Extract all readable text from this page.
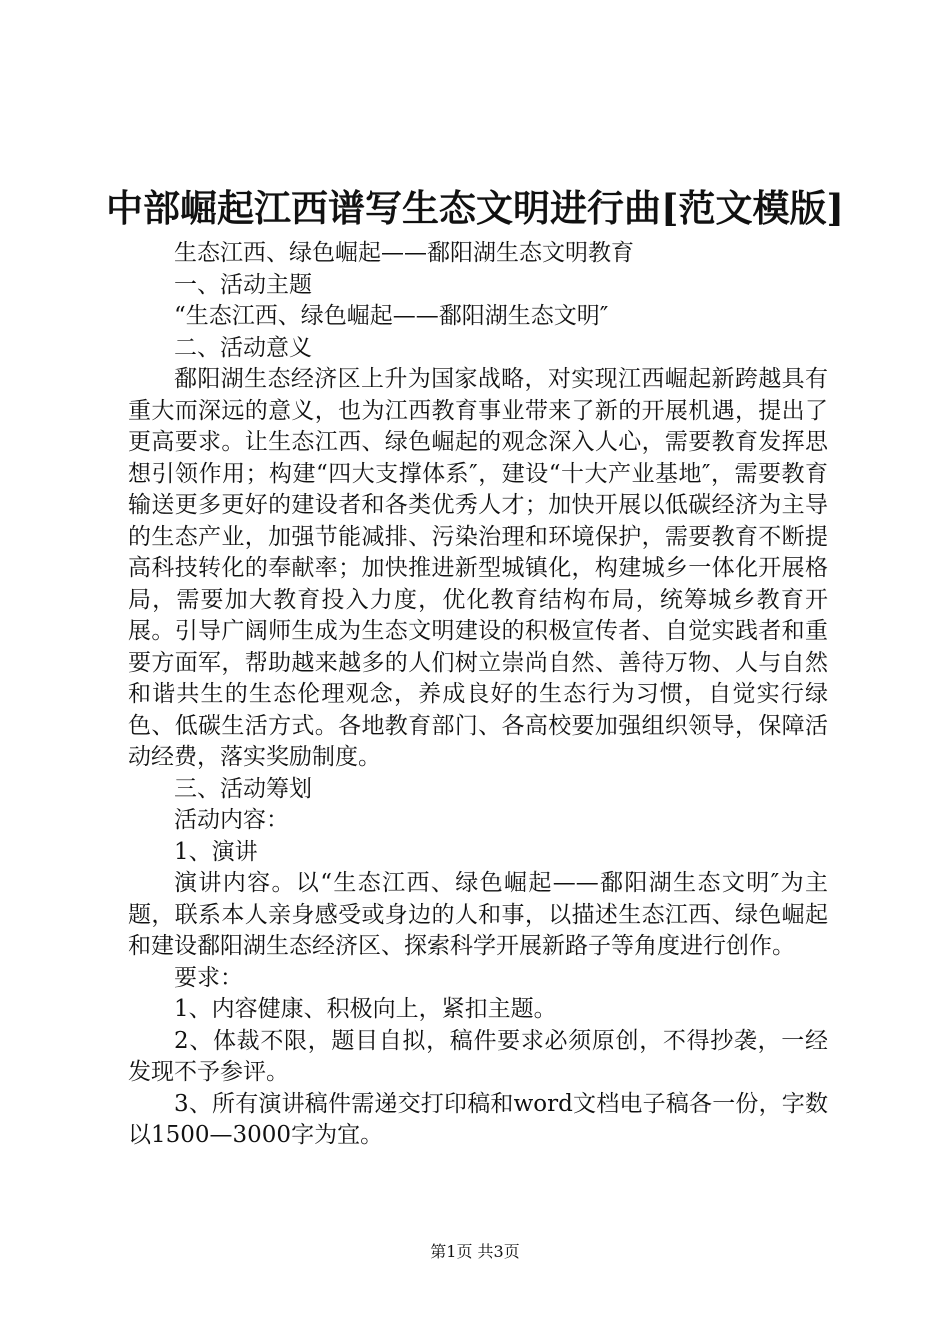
中部崛起江西谱写生态文明进行曲[范文模版]

生态江西、绿色崛起——鄱阳湖生态文明教育

一、活动主题

“生态江西、绿色崛起——鄱阳湖生态文明″

二、活动意义

鄱阳湖生态经济区上升为国家战略，对实现江西崛起新跨越具有重大而深远的意义，也为江西教育事业带来了新的开展机遇，提出了更高要求。让生态江西、绿色崛起的观念深入人心，需要教育发挥思想引领作用；构建“四大支撑体系″，建设“十大产业基地″，需要教育输送更多更好的建设者和各类优秀人才；加快开展以低碳经济为主导的生态产业，加强节能减排、污染治理和环境保护，需要教育不断提高科技转化的奉献率；加快推进新型城镇化，构建城乡一体化开展格局，需要加大教育投入力度，优化教育结构布局，统筹城乡教育开展。引导广阔师生成为生态文明建设的积极宣传者、自觉实践者和重要方面军，帮助越来越多的人们树立崇尚自然、善待万物、人与自然和谐共生的生态伦理观念，养成良好的生态行为习惯，自觉实行绿色、低碳生活方式。各地教育部门、各高校要加强组织领导，保障活动经费，落实奖励制度。

三、活动筹划

活动内容：

1、演讲

演讲内容。以“生态江西、绿色崛起——鄱阳湖生态文明″为主题，联系本人亲身感受或身边的人和事，以描述生态江西、绿色崛起和建设鄱阳湖生态经济区、探索科学开展新路子等角度进行创作。

要求：

1、内容健康、积极向上，紧扣主题。

2、体裁不限，题目自拟，稿件要求必须原创，不得抄袭，一经发现不予参评。

3、所有演讲稿件需递交打印稿和word文档电子稿各一份，字数以1500—3000字为宜。

第1页 共3页
